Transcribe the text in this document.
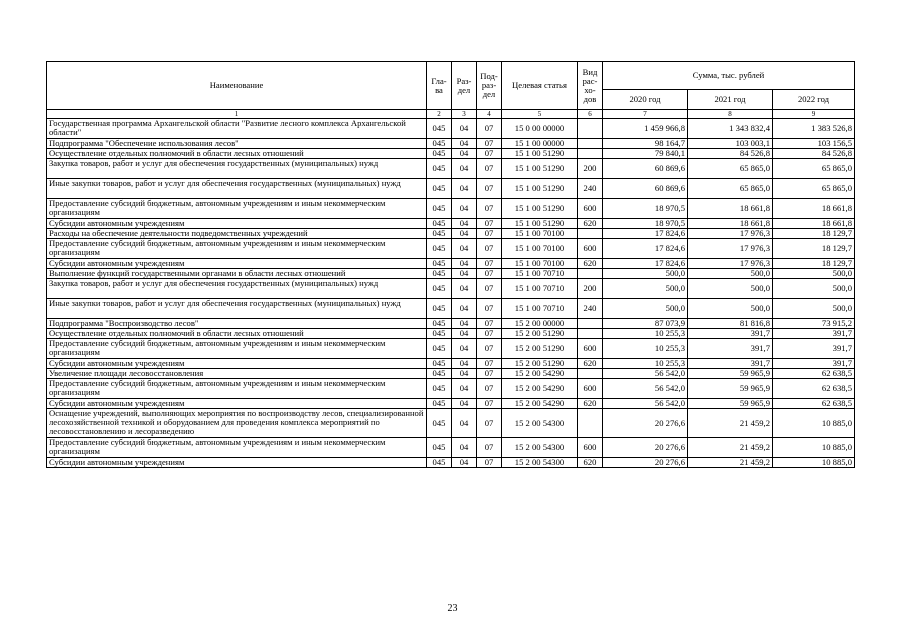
Наименование	Гла-ва	Раз-дел	Под-раз-дел	Целевая статья	Вид рас-хо-дов	Сумма, тыс. рублей		
						2020 год	2021 год	2022 год
1	2	3	4	5	6	7	8	9
Государственная программа Архангельской области "Развитие лесного комплекса Архангельской области"	045	04	07	15 0 00 00000		1 459 966,8	1 343 832,4	1 383 526,8
Подпрограмма "Обеспечение использования лесов"	045	04	07	15 1 00 00000		98 164,7	103 003,1	103 156,5
Осуществление отдельных полномочий в области лесных отношений	045	04	07	15 1 00 51290		79 840,1	84 526,8	84 526,8
Закупка товаров, работ и услуг для обеспечения государственных (муниципальных) нужд	045	04	07	15 1 00 51290	200	60 869,6	65 865,0	65 865,0
Иные закупки товаров, работ и услуг для обеспечения государственных (муниципальных) нужд	045	04	07	15 1 00 51290	240	60 869,6	65 865,0	65 865,0
Предоставление субсидий бюджетным, автономным учреждениям и иным некоммерческим организациям	045	04	07	15 1 00 51290	600	18 970,5	18 661,8	18 661,8
Субсидии автономным учреждениям	045	04	07	15 1 00 51290	620	18 970,5	18 661,8	18 661,8
Расходы на обеспечение деятельности подведомственных учреждений	045	04	07	15 1 00 70100		17 824,6	17 976,3	18 129,7
Предоставление субсидий бюджетным, автономным учреждениям и иным некоммерческим организациям	045	04	07	15 1 00 70100	600	17 824,6	17 976,3	18 129,7
Субсидии автономным учреждениям	045	04	07	15 1 00 70100	620	17 824,6	17 976,3	18 129,7
Выполнение функций государственными органами в области лесных отношений	045	04	07	15 1 00 70710		500,0	500,0	500,0
Закупка товаров, работ и услуг для обеспечения государственных (муниципальных) нужд	045	04	07	15 1 00 70710	200	500,0	500,0	500,0
Иные закупки товаров, работ и услуг для обеспечения государственных (муниципальных) нужд	045	04	07	15 1 00 70710	240	500,0	500,0	500,0
Подпрограмма "Воспроизводство лесов"	045	04	07	15 2 00 00000		87 073,9	81 816,8	73 915,2
Осуществление отдельных полномочий в области лесных отношений	045	04	07	15 2 00 51290		10 255,3	391,7	391,7
Предоставление субсидий бюджетным, автономным учреждениям и иным некоммерческим организациям	045	04	07	15 2 00 51290	600	10 255,3	391,7	391,7
Субсидии автономным учреждениям	045	04	07	15 2 00 51290	620	10 255,3	391,7	391,7
Увеличение площади лесовосстановления	045	04	07	15 2 00 54290		56 542,0	59 965,9	62 638,5
Предоставление субсидий бюджетным, автономным учреждениям и иным некоммерческим организациям	045	04	07	15 2 00 54290	600	56 542,0	59 965,9	62 638,5
Субсидии автономным учреждениям	045	04	07	15 2 00 54290	620	56 542,0	59 965,9	62 638,5
Оснащение учреждений, выполняющих мероприятия по воспроизводству лесов, специализированной лесохозяйственной техникой и оборудованием для проведения комплекса мероприятий по лесовосстановлению и лесоразведению	045	04	07	15 2 00 54300		20 276,6	21 459,2	10 885,0
Предоставление субсидий бюджетным, автономным учреждениям и иным некоммерческим организациям	045	04	07	15 2 00 54300	600	20 276,6	21 459,2	10 885,0
Субсидии автономным учреждениям	045	04	07	15 2 00 54300	620	20 276,6	21 459,2	10 885,0
23
